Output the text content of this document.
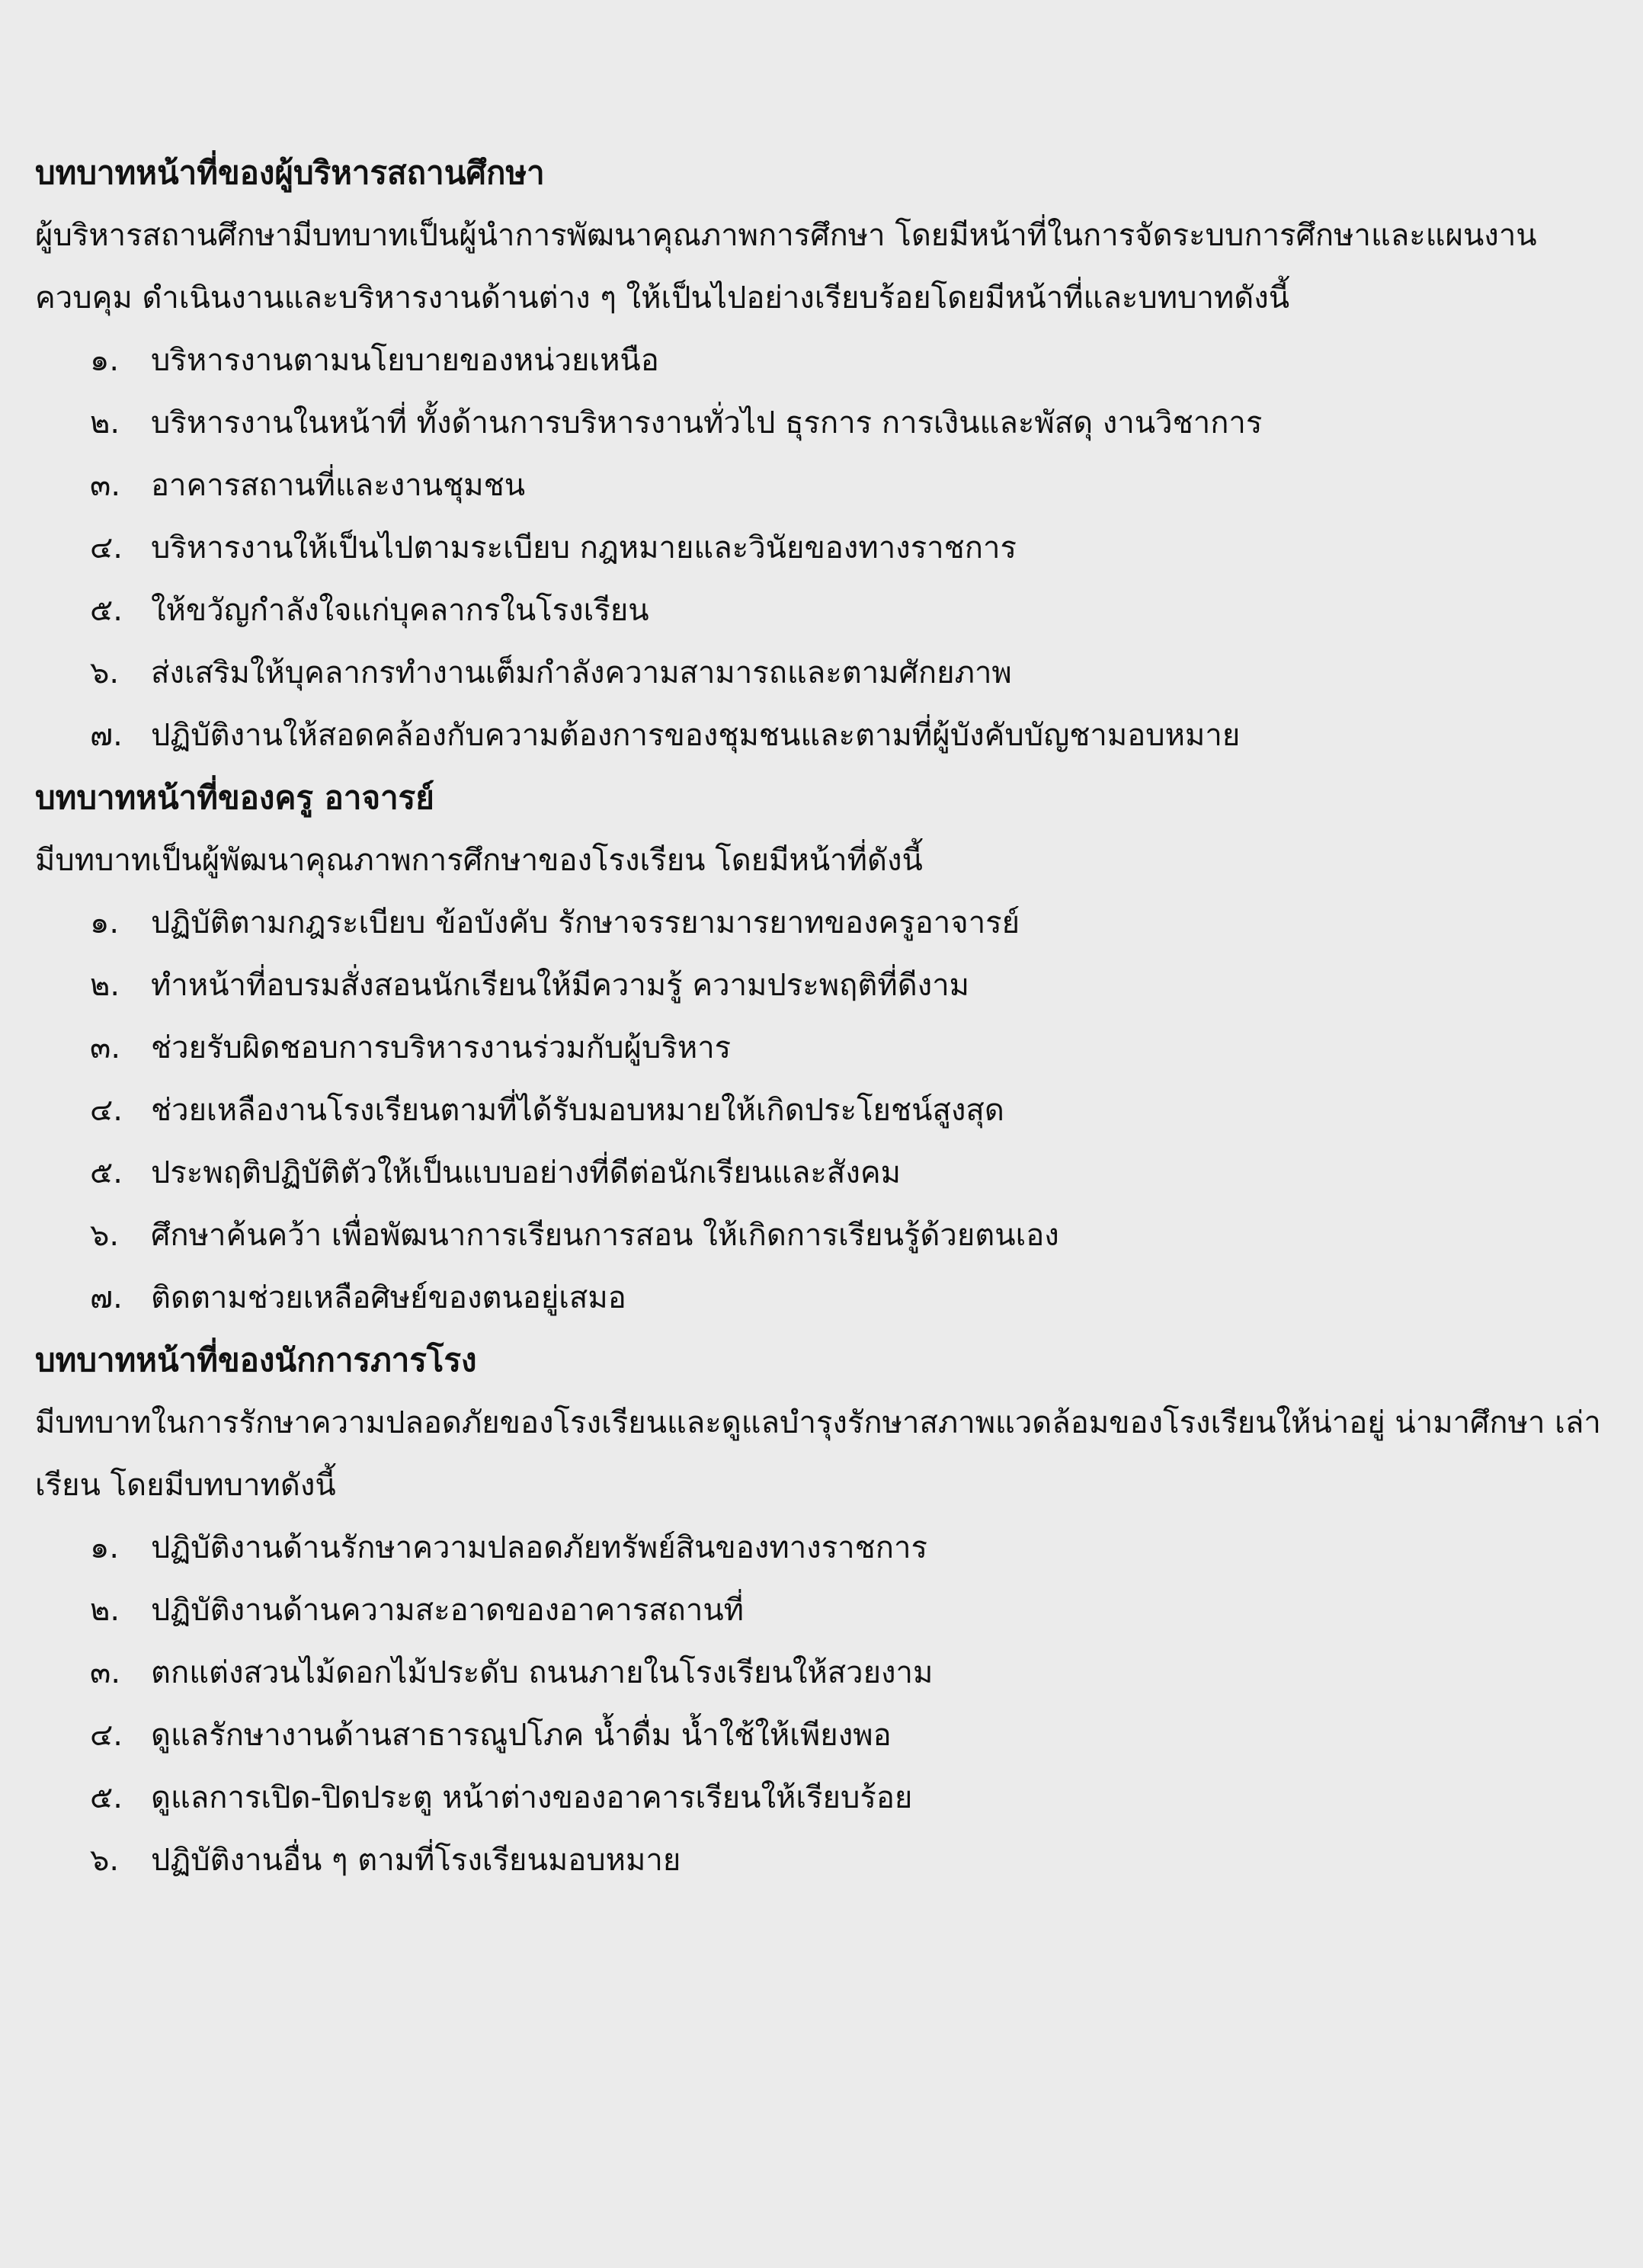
บทบาทหน้าที่ของผู้บริหารสถานศึกษา

ผู้บริหารสถานศึกษามีบทบาทเป็นผู้นำการพัฒนาคุณภาพการศึกษา โดยมีหน้าที่ในการจัดระบบการศึกษาและแผนงาน ควบคุม ดำเนินงานและบริหารงานด้านต่าง ๆ ให้เป็นไปอย่างเรียบร้อยโดยมีหน้าที่และบทบาทดังนี้

๑.	บริหารงานตามนโยบายของหน่วยเหนือ
๒.	บริหารงานในหน้าที่ ทั้งด้านการบริหารงานทั่วไป ธุรการ การเงินและพัสดุ งานวิชาการ
๓. อาคารสถานที่และงานชุมชน
๔. บริหารงานให้เป็นไปตามระเบียบ กฎหมายและวินัยของทางราชการ
๕. ให้ขวัญกำลังใจแก่บุคลากรในโรงเรียน
๖.	ส่งเสริมให้บุคลากรทำงานเต็มกำลังความสามารถและตามศักยภาพ
๗. ปฏิบัติงานให้สอดคล้องกับความต้องการของชุมชนและตามที่ผู้บังคับบัญชามอบหมาย

บทบาทหน้าที่ของครู อาจารย์

มีบทบาทเป็นผู้พัฒนาคุณภาพการศึกษาของโรงเรียน โดยมีหน้าที่ดังนี้

๑.	ปฏิบัติตามกฎระเบียบ ข้อบังคับ รักษาจรรยามารยาทของครูอาจารย์
๒.	ทำหน้าที่อบรมสั่งสอนนักเรียนให้มีความรู้ ความประพฤติที่ดีงาม
๓. ช่วยรับผิดชอบการบริหารงานร่วมกับผู้บริหาร
๔. ช่วยเหลืองานโรงเรียนตามที่ได้รับมอบหมายให้เกิดประโยชน์สูงสุด
๕. ประพฤติปฏิบัติตัวให้เป็นแบบอย่างที่ดีต่อนักเรียนและสังคม
๖.	ศึกษาค้นคว้า เพื่อพัฒนาการเรียนการสอน ให้เกิดการเรียนรู้ด้วยตนเอง
๗. ติดตามช่วยเหลือศิษย์ของตนอยู่เสมอ

บทบาทหน้าที่ของนักการภารโรง

มีบทบาทในการรักษาความปลอดภัยของโรงเรียนและดูแลบำรุงรักษาสภาพแวดล้อมของโรงเรียนให้น่าอยู่ น่ามาศึกษา เล่าเรียน โดยมีบทบาทดังนี้

๑.	ปฏิบัติงานด้านรักษาความปลอดภัยทรัพย์สินของทางราชการ
๒.	ปฏิบัติงานด้านความสะอาดของอาคารสถานที่
๓. ตกแต่งสวนไม้ดอกไม้ประดับ ถนนภายในโรงเรียนให้สวยงาม
๔. ดูแลรักษางานด้านสาธารณูปโภค น้ำดื่ม น้ำใช้ให้เพียงพอ
๕. ดูแลการเปิด-ปิดประตู หน้าต่างของอาคารเรียนให้เรียบร้อย
๖.	ปฏิบัติงานอื่น ๆ ตามที่โรงเรียนมอบหมาย
